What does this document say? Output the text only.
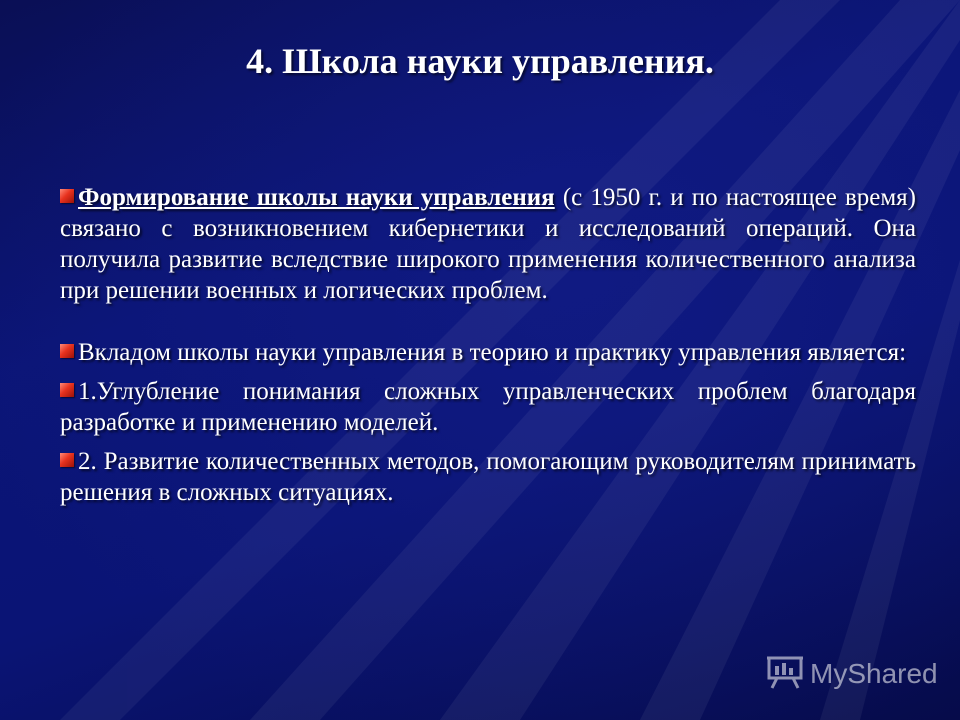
4. Школа науки управления.
Формирование школы науки управления (с 1950 г. и по настоящее время) связано с возникновением кибернетики и исследований операций. Она получила развитие вследствие широкого применения количественного анализа при решении военных и логических проблем.
Вкладом школы науки управления в теорию и практику управления является:
1.Углубление понимания сложных управленческих проблем благодаря разработке и применению моделей.
2. Развитие количественных методов, помогающим руководителям принимать решения в сложных ситуациях.
MyShared
